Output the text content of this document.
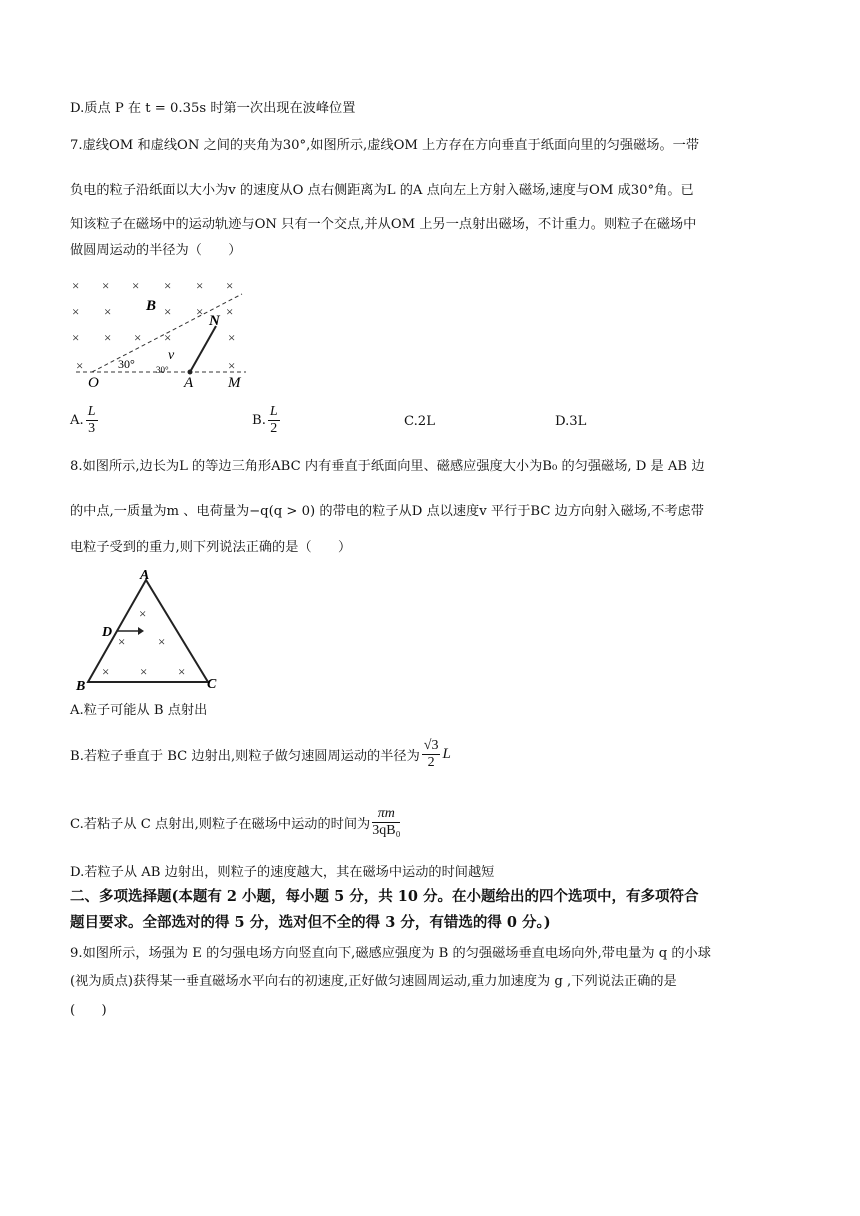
D.质点 P 在 t = 0.35s 时第一次出现在波峰位置
7.虚线OM 和虚线ON 之间的夹角为30°,如图所示,虚线OM 上方存在方向垂直于纸面向里的匀强磁场。一带
负电的粒子沿纸面以大小为v 的速度从O 点右侧距离为L 的A 点向左上方射入磁场,速度与OM 成30°角。已
知该粒子在磁场中的运动轨迹与ON 只有一个交点,并从OM 上另一点射出磁场，不计重力。则粒子在磁场中
做圆周运动的半径为（　　）
× × × × × ×
× ×	× × ×
× × × ×	×
×	×
B
N
v
30° 30°
O	A M
A. $\frac{L}{3}$	B. $\frac{L}{2}$	C.2L	D.3L
8.如图所示,边长为L 的等边三角形ABC 内有垂直于纸面向里、磁感应强度大小为B₀ 的匀强磁场, D 是 AB 边
的中点,一质量为m 、电荷量为−q(q > 0) 的带电的粒子从D 点以速度v 平行于BC 边方向射入磁场,不考虑带
电粒子受到的重力,则下列说法正确的是（　　）
×
×	×
× × ×
A
D
B	C
A.粒子可能从 B 点射出
B.若粒子垂直于 BC 边射出,则粒子做匀速圆周运动的半径为 $\frac{√3}{2}$ L
C.若粘子从 C 点射出,则粒子在磁场中运动的时间为 $\frac{\pi m}{\text{3qB₀}}$
D.若粒子从 AB 边射出，则粒子的速度越大，其在磁场中运动的时间越短
二、多项选择题(本题有 2 小题，每小题 5 分，共 10 分。在小题给出的四个选项中，有多项符合
题目要求。全部选对的得 5 分，选对但不全的得 3 分，有错选的得 0 分。)
9.如图所示，场强为 E 的匀强电场方向竖直向下,磁感应强度为 B 的匀强磁场垂直电场向外,带电量为 q 的小球
(视为质点)获得某一垂直磁场水平向右的初速度,正好做匀速圆周运动,重力加速度为 g ,下列说法正确的是
(　　)
